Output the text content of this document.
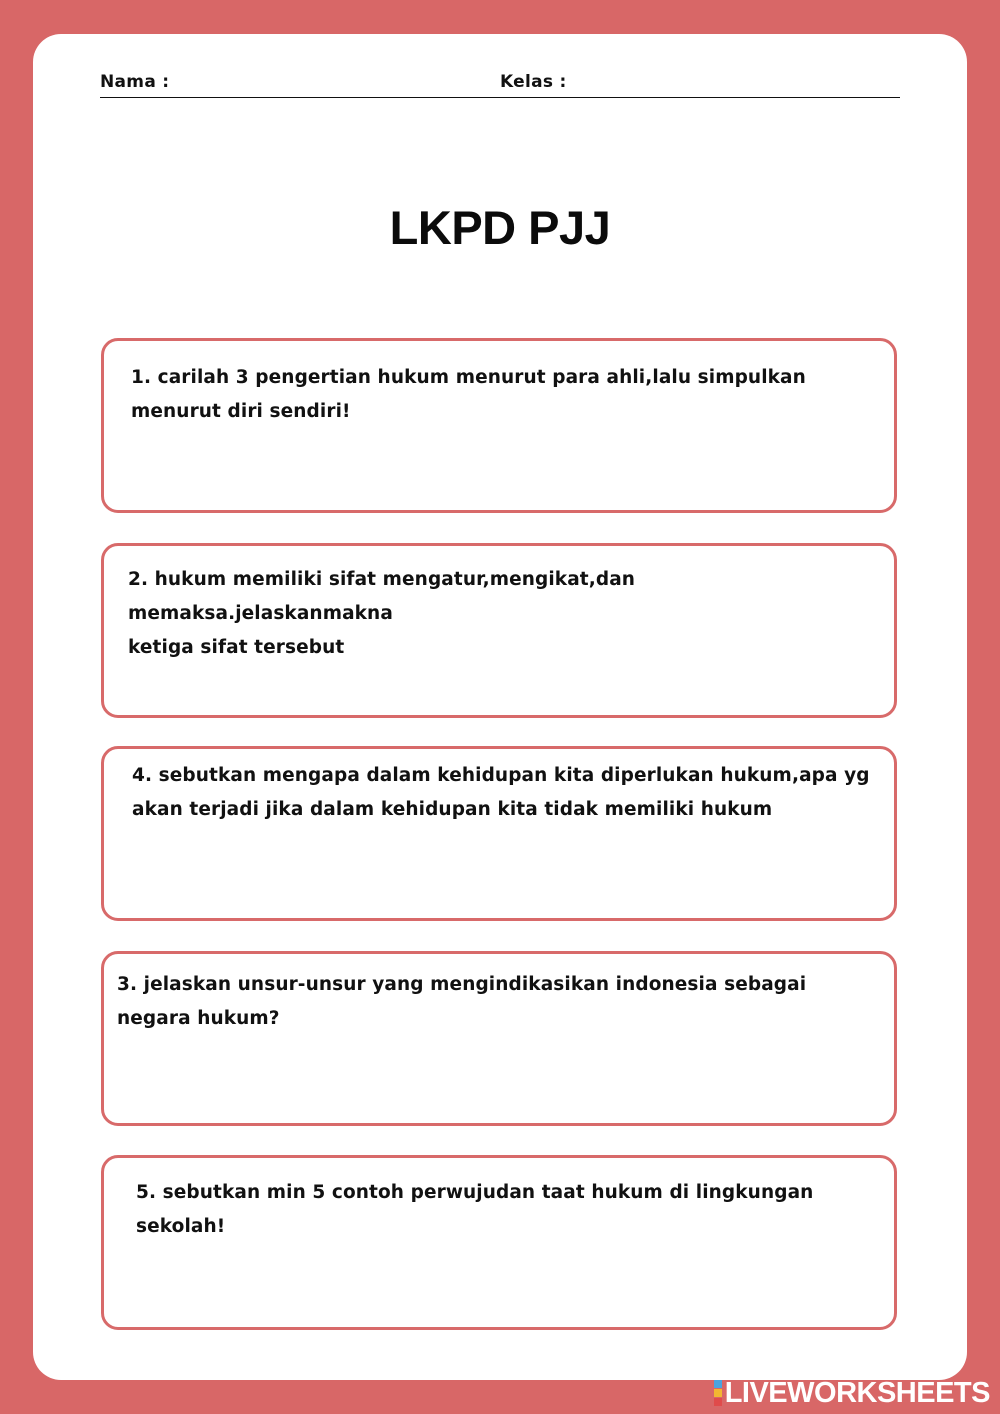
Nama :	Kelas :
LKPD PJJ
1. carilah 3 pengertian hukum menurut para ahli,lalu simpulkan
menurut diri sendiri!
2. hukum memiliki sifat mengatur,mengikat,dan memaksa.jelaskanmakna
ketiga sifat tersebut
4. sebutkan mengapa dalam kehidupan kita diperlukan hukum,apa yg
akan terjadi jika dalam kehidupan kita tidak memiliki hukum
3. jelaskan unsur-unsur yang mengindikasikan indonesia sebagai
negara hukum?
5. sebutkan min 5 contoh perwujudan taat hukum di lingkungan
sekolah!
LIVEWORKSHEETS
